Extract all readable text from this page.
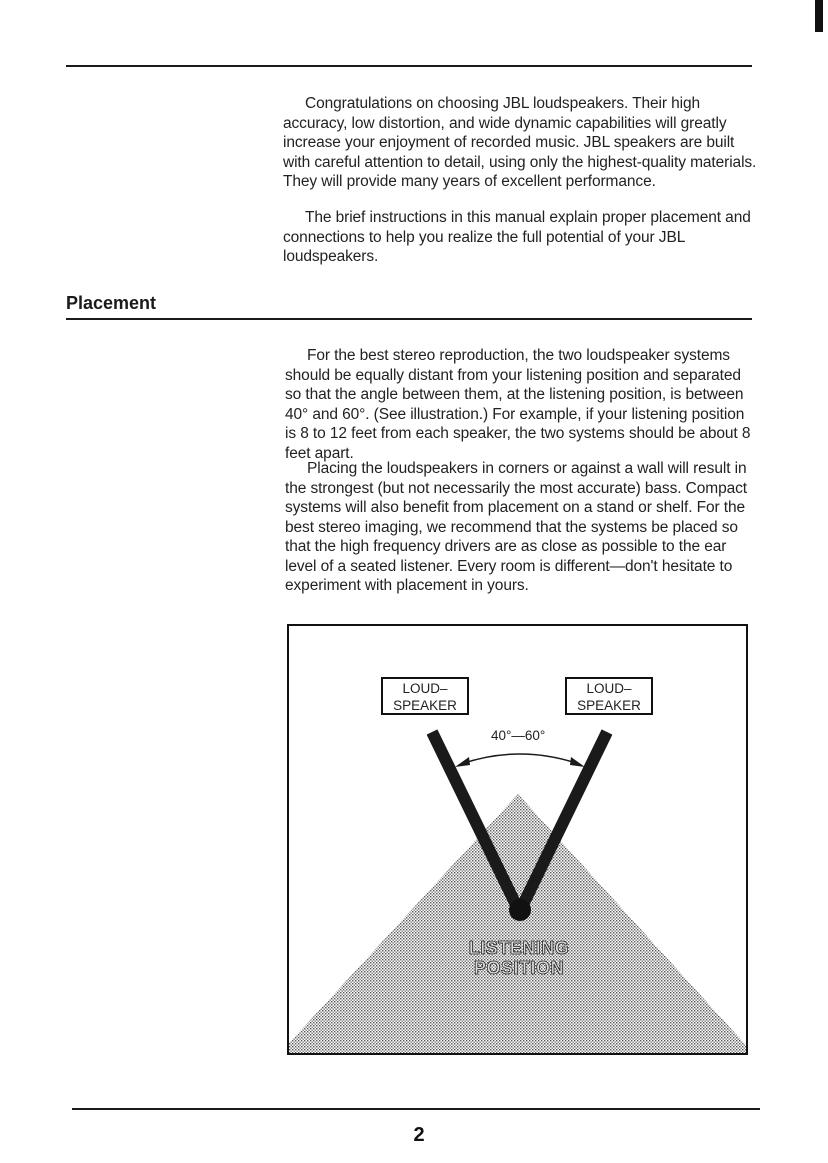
Congratulations on choosing JBL loudspeakers. Their high accuracy, low distortion, and wide dynamic capabilities will greatly increase your enjoyment of recorded music. JBL speakers are built with careful attention to detail, using only the highest-quality materials. They will provide many years of excellent performance.

The brief instructions in this manual explain proper placement and connections to help you realize the full potential of your JBL loudspeakers.

Placement

For the best stereo reproduction, the two loudspeaker systems should be equally distant from your listening position and separated so that the angle between them, at the listening position, is between 40° and 60°. (See illustration.) For example, if your listening position is 8 to 12 feet from each speaker, the two systems should be about 8 feet apart.

Placing the loudspeakers in corners or against a wall will result in the strongest (but not necessarily the most accurate) bass. Compact systems will also benefit from placement on a stand or shelf. For the best stereo imaging, we recommend that the systems be placed so that the high frequency drivers are as close as possible to the ear level of a seated listener. Every room is different—don't hesitate to experiment with placement in yours.

LOUD–
SPEAKER
LOUD–
SPEAKER
40°—60°
LISTENING
POSITION

2
